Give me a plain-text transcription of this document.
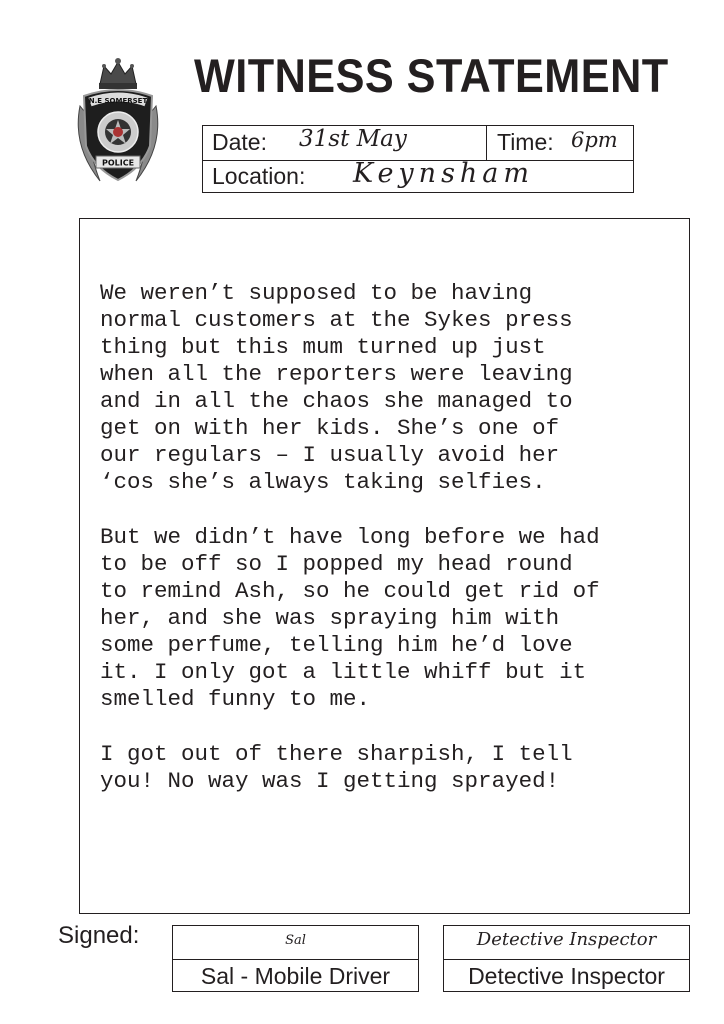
N.E SOMERSET
POLICE
WITNESS STATEMENT
Date: 31st May	Time: 6pm
Location: Keynsham

We weren’t supposed to be having
normal customers at the Sykes press
thing but this mum turned up just
when all the reporters were leaving
and in all the chaos she managed to
get on with her kids. She’s one of
our regulars – I usually avoid her
‘cos she’s always taking selfies.

But we didn’t have long before we had
to be off so I popped my head round
to remind Ash, so he could get rid of
her, and she was spraying him with
some perfume, telling him he’d love
it. I only got a little whiff but it
smelled funny to me.

I got out of there sharpish, I tell
you! No way was I getting sprayed!

Signed:	Sal
Sal - Mobile Driver
Detective Inspector
Detective Inspector
